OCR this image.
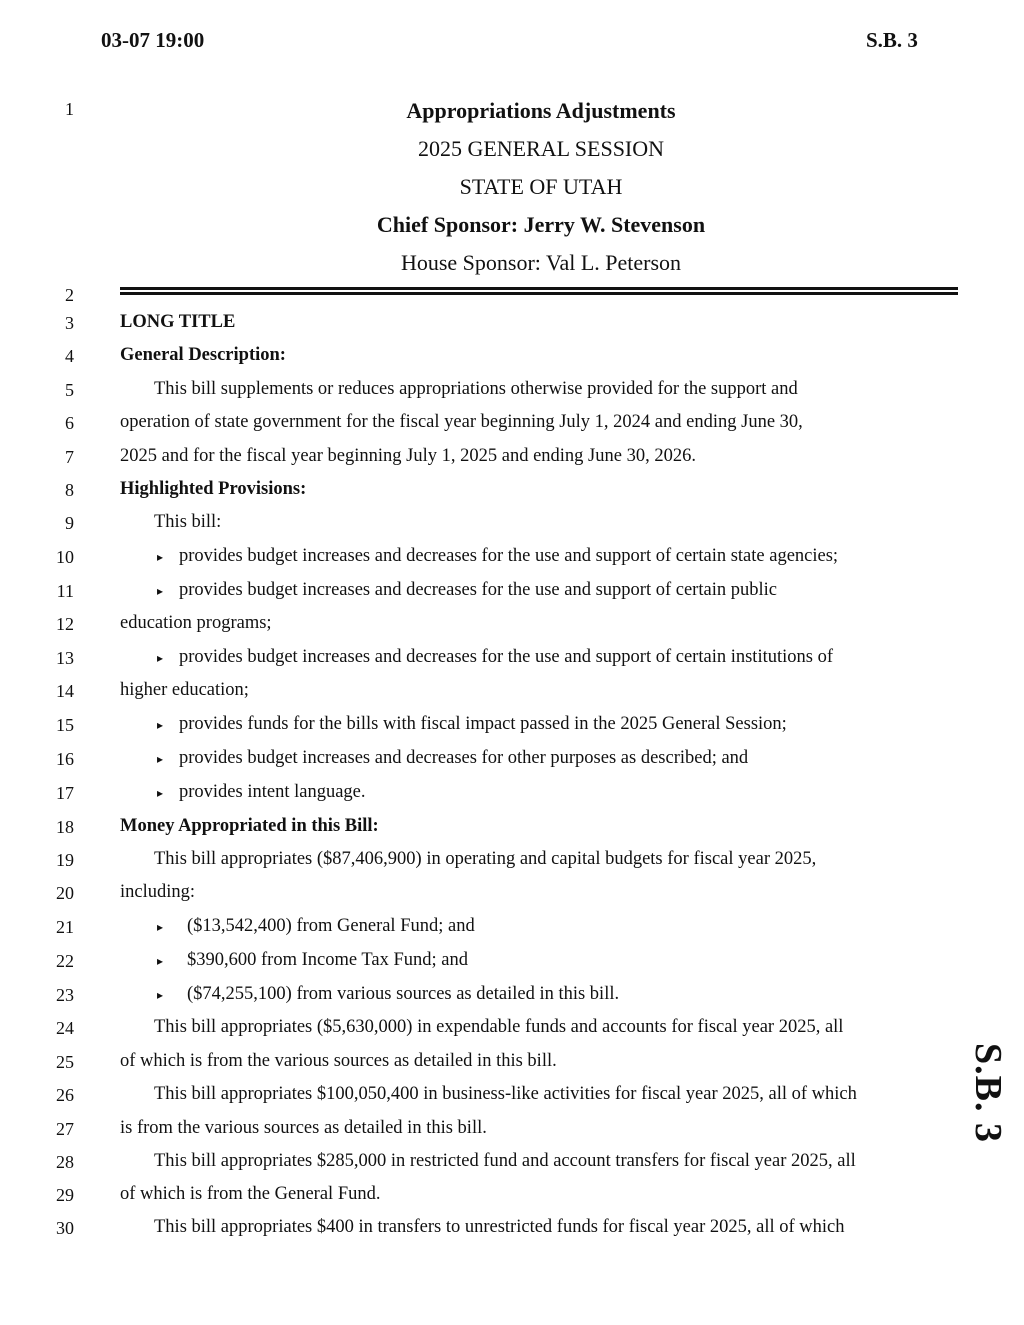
03-07 19:00	S.B. 3
1
2
3
4
5
6
7
8
9
10
11
12
13
14
15
16
17
18
19
20
21
22
23
24
25
26
27
28
29
30
Appropriations Adjustments
2025 GENERAL SESSION
STATE OF UTAH
Chief Sponsor: Jerry W. Stevenson
House Sponsor: Val L. Peterson
LONG TITLE
General Description:
This bill supplements or reduces appropriations otherwise provided for the support and
operation of state government for the fiscal year beginning July 1, 2024 and ending June 30,
2025 and for the fiscal year beginning July 1, 2025 and ending June 30, 2026.
Highlighted Provisions:
This bill:
▸ provides budget increases and decreases for the use and support of certain state agencies;
▸ provides budget increases and decreases for the use and support of certain public
education programs;
▸ provides budget increases and decreases for the use and support of certain institutions of
higher education;
▸ provides funds for the bills with fiscal impact passed in the 2025 General Session;
▸ provides budget increases and decreases for other purposes as described; and
▸ provides intent language.
Money Appropriated in this Bill:
This bill appropriates ($87,406,900) in operating and capital budgets for fiscal year 2025,
including:
▸ ($13,542,400) from General Fund; and
▸ $390,600 from Income Tax Fund; and
▸ ($74,255,100) from various sources as detailed in this bill.
This bill appropriates ($5,630,000) in expendable funds and accounts for fiscal year 2025, all
of which is from the various sources as detailed in this bill.
This bill appropriates $100,050,400 in business-like activities for fiscal year 2025, all of which
is from the various sources as detailed in this bill.
This bill appropriates $285,000 in restricted fund and account transfers for fiscal year 2025, all
of which is from the General Fund.
This bill appropriates $400 in transfers to unrestricted funds for fiscal year 2025, all of which
S.B. 3
